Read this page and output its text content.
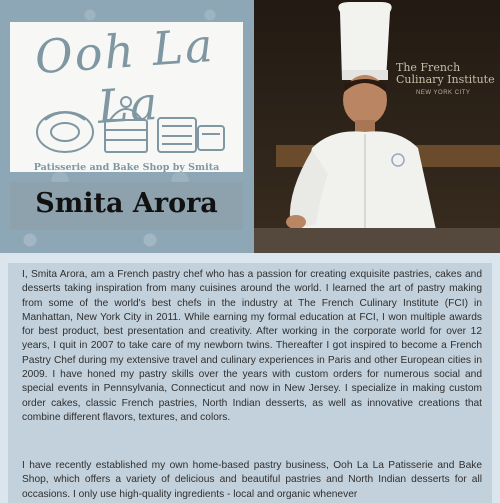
Ooh La La
Patisserie and Bake Shop by Smita
Smita Arora
The French Culinary Institute
NEW YORK CITY

I, Smita Arora, am a French pastry chef who has a passion for creating exquisite pastries, cakes and desserts taking inspiration from many cuisines around the world. I learned the art of pastry making from some of the world's best chefs in the industry at The French Culinary Institute (FCI) in Manhattan, New York City in 2011. While earning my formal education at FCI, I won multiple awards for best product, best presentation and creativity. After working in the corporate world for over 12 years, I quit in 2007 to take care of my newborn twins. Thereafter I got inspired to become a French Pastry Chef during my extensive travel and culinary experiences in Paris and other European cities in 2009. I have honed my pastry skills over the years with custom orders for numerous social and special events in Pennsylvania, Connecticut and now in New Jersey. I specialize in making custom order cakes, classic French pastries, North Indian desserts, as well as innovative creations that combine different flavors, textures, and colors.

I have recently established my own home-based pastry business, Ooh La La Patisserie and Bake Shop, which offers a variety of delicious and beautiful pastries and North Indian desserts for all occasions. I only use high-quality ingredients - local and organic whenever
